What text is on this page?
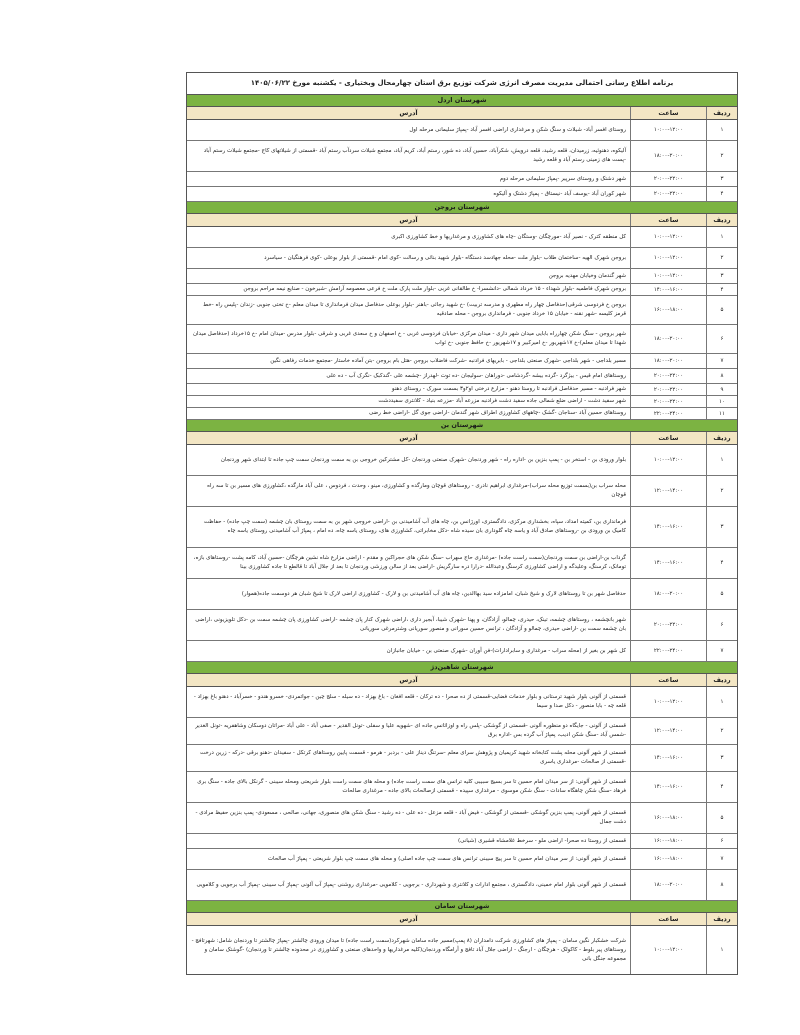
برنامه اطلاع رسانی احتمالی مدیریت مصرف انرژی شرکت توزیع برق استان چهارمحال وبختیاری - یکشنبه مورخ ۱۴۰۵/۰۶/۲۲
شهرستان اردل
ردیف
ساعت
آدرس
۱
۱۰:۰۰-۱۲:۰۰
روستای افسر آباد- شیلات و سنگ شکن و مرغداری اراضی افسر آباد -پمپاژ سلیمانی مرحله اول
۲
۱۸:۰۰-۲۰:۰۰
آلیکوه، دهنوئیه، زرمیدان، قلعه رشید، قلعه درویش، شکرآباد، حسین آباد، ده شور، رستم آباد، کریم آباد، مجتمع شیلات سردآب رستم آباد -قسمتی از شیلاتهای کاج -مجتمع شیلات رستم آباد -پست های زمینی رستم آباد و قلعه رشید
۳
۲۰:۰۰-۲۲:۰۰
شهر دشتک و روستای سرپیر -پمپاژ سلیمانی مرحله دوم
۴
۲۰:۰۰-۲۲:۰۰
شهر کوران آباد -یوسف آباد -نیستاق - پمپاژ دشتک و آلیکوه
شهرستان بروجن
ردیف
ساعت
آدرس
۱
۱۰:۰۰-۱۲:۰۰
کل منطقه کترک - نصیر آباد -مورچگان -وستگان -چاه های کشاورزی و مرغداریها و خط کشاورزی اکبری
۲
۱۰:۰۰-۱۲:۰۰
بروجن شهرک الهیه -ساختمان طلاب -بلوار ملت -محله جهادسد دستگاه -بلوار شهید بنائی و رسالت -کوی امام -قسمتی از بلوار بوعلی -کوی فرهنگیان - سیاسرد
۳
۱۰:۰۰-۱۲:۰۰
شهر گندمان وخیابان مهدیه بروجن
۴
۱۴:۰۰-۱۶:۰۰
بروجن شهرک فاطمیه -بلوار شهداء - ۱۵ خرداد شمالی -دانشسرا- خ طالقانی غربی -بلوار ملت پارک ملت خ فرعی معصومه آرامش -شیرخون - صنایع نیمه مراحم بروجن
۵
۱۶:۰۰-۱۸:۰۰
بروجن خ فردوسی شرقی(حدفاصل چهار راه مطهری و مدرسه تربیت) -خ شهید رجائی -باهنر -بلوار بوعلی حدفاصل میدان فرمانداری تا میدان معلم -خ تختی جنوبی -زندان -پلیس راه -خط قرمز کلیسه -شهر نقنه - خیابان ۱۵ خرداد جنوبی - فرمانداری بروجن - محله صادقیه
۶
۱۸:۰۰-۲۰:۰۰
شهر بروجن - سنگ شکن چهارراه بابایی میدان شهر داری - میدان مرکزی -خیابان فردوسی غربی - خ اصفهان و خ سعدی غربی و شرقی -بلوار مدرس -میدان امام -خ ۱۵خرداد (حدفاصل میدان شهدا تا میدان معلم)-خ ۱۷شهریور -خ امیرکبیر و ۱۷شهریور -خ حافظ جنوبی -خ ثواب
۷
۱۸:۰۰-۲۰:۰۰
مسیر بلداجی - شهر بلداجی -شهرک صنعتی بلداجی - بابریهای فرادنبه -شرکت فاضلاب بروجن -هتل بام بروجن -بتن آماده خاستار -مجتمع خدمات رفاهی نگین
۸
۲۰:۰۰-۲۲:۰۰
روستاهای امام قیس - بیژگرد -گرده بیشه -گردشامی -دوراهان -سولیجان -ده توت -لهدراز -چشمه علی -گندکبک -نگرک آب - ده علی
۹
۲۰:۰۰-۲۲:۰۰
شهر فرادنبه - مسیر حدفاصل فرادنبه تا روستا دهنو - مزارع درختی او۲و۳ بسمت سورک - روستای دهنو
۱۰
۲۰:۰۰-۲۲:۰۰
شهر سفید دشت - اراضی ضلع شمالی جاده سفید دشت فرادنبه مزرعه آباد -مزرعه بنیاد - کلانتری سفیددشت
۱۱
۲۲:۰۰-۲۴:۰۰
روستاهای حسین آباد -سناجان -گشک -چاههای کشاورزی اطراف شهر گندمان -اراضی جوی گل -اراضی خط رضی
شهرستان بن
ردیف
ساعت
آدرس
۱
۱۰:۰۰-۱۲:۰۰
بلوار ورودی بن - استخر بن - پمپ بنزین بن -اداره راه - شهر وردنجان -شهرک صنعتی وردنجان -کل مشترکین خروجی بن به سمت وردنجان سمت چپ جاده تا ابتدای شهر وردنجان
۲
۱۲:۰۰-۱۴:۰۰
محله سراب بن(بسمت توزیع محله سراب)-مرغداری ابراهیم نادری - روستاهای قوچان ومارگده و کشاورزی، مینو ، وحدت ، فردوس ، علی آباد مارگده ،کشاورزی های مسیر بن تا سه راه قوچان
۳
۱۴:۰۰-۱۶:۰۰
فرمانداری بن، کمیته امداد، سپاه، بخشداری مرکزی، دادگستری، اورژانس بن، چاه های آب آشامیدنی بن -اراضی خروجی شهر بن به سمت روستای بان چشمه (سمت چپ جاده) - حفاظت کامیک بن ورودی بن -روستاهای صادق آباد و یاسه چاه گلوداری بان سیده شاه -دکل مخابراتی، کشاورزی های، روستای یاسه چاه، ده امام ، پمپاژ آب آشامیدنی روستای یاسه چاه
۴
۱۴:۰۰-۱۶:۰۰
گرداب بن-اراضی بن سمت وردنجان(سمت راست جاده) -مرغداری حاج سهراب -سنگ شکن های حجراکبن و مقدم - اراضی مزارع شاه نشین هرچگان -حسین آباد، کامه پشت -روستاهای بازه، تومانک، کرسنگ، وعلیدگه و اراضی کشاورزی کرسنگ وعبدالله -درارا دره سارگریش -اراضی بعد از سالن ورزشی وردنجان تا بعد از جلال آباد تا قالطع تا جاده کشاورزی بینا
۵
۱۸:۰۰-۲۰:۰۰
حدفاصل شهر بن تا روستاهای لارک و شیخ شبان، امامزاده سید بهاالدین، چاه های آب آشامیدنی بن و لارک - کشاورزی اراضی لارک تا شیخ شبان هر دوسمت جاده(هموار)
۶
۲۰:۰۰-۲۲:۰۰
شهر بانچشمه ، روستاهای چشمه، تینک، حیدری، چمالو، آزادگان، و پهنا -شهرک شیبا، آبجیر داری ،اراضی شهرک کنار پان چشمه -اراضی کشاورزی پان چشمه سمت بن -دکل تلویزیونی ،اراضی بان چشمه سمت بن -اراضی حیدری، چمالو و آزادگان ، ترانس حسین سورانی و منصور سوریانی وشترمرغی سوریانی
۷
۲۲:۰۰-۲۴:۰۰
کل شهر بن بغیر از (محله سراب - مرغداری و سابرادارات)-فن آوران -شهرک صنعتی بن - خیابان جانبازان
شهرستان شاهین‌دژ
ردیف
ساعت
آدرس
۱
۱۰:۰۰-۱۲:۰۰
قسمتی از آلونی بلوار شهید ترستانی و بلوار خدمات فضایی-قسمتی از ده صحرا - ده ترکان - قلعه افغان - باغ بهزاد - ده سیله - سلج چین - جواتمردی- خسرو هندو - خسرآباد - دهنو باغ بهزاد - قلعه چه - بابا منصور - دکل صدا و سیما
۲
۱۲:۰۰-۱۴:۰۰
قسمتی از آلونی - جایگاه دو منظوره آلونی -قسمتی از گوشکی -پلس راه و اوزائانس جاده ای -شهویه علیا و سفلی -تونل القدیر - صفی آباد - علی آباد -مراتان دوسکان وشاهفریه -تونل الغدیر -شمس آباد -سنگ شکن ادیب، پمپاژ آب گرده بس -اداره برق
۳
۱۴:۰۰-۱۶:۰۰
قسمتی از شهر آلونی محله پشت کتابخانه شهید کریمیان و پژوهش سرای معلم -سرتنگ دیناز علی - بردبر - هرمو - قسمت پایین روستاهای کرتکل - سفیدان -دهنو برقی -درکه - زرین درخت -قسمتی از صالحات -مرغداری یاسری
۴
۱۴:۰۰-۱۶:۰۰
قسمتی از شهر آلونی: از سر میدان امام حسین تا سر بسیج سبیبی کلیه ترانس های سمت راست جاده) و محله های سمت راست بلوار شریعتی ومحله سیبنی - گرنکل بالای جاده - سنگ بری فرهاد -سنگ شکن چاهگاه سادات - سنگ شکن موسوی - مرغداری سپیده - قسمتی ازصالحات بالای جاده - مرغداری صالحات
۵
۱۶:۰۰-۱۸:۰۰
قسمتی از شهر آلونی، پمپ بنزین گوشکی -قسمتی از گوشکی - فیض آباد - قلعه مزعل - ده علی - ده رشید - سنگ شکن های منصوری، جهانی، صالحی ، مسعودی- پمپ بنزین حفیظ مرادی - دشت جمال
۶
۱۶:۰۰-۱۸:۰۰
قسمتی از روستا ده صحرا- اراضی ملو - سرخط غلامشاه قشیری (شیانی)
۷
۱۶:۰۰-۱۸:۰۰
قسمتی از شهر آلونی: از سر میدان امام حسین تا سر پیج سیبنی ترانس های سمت چپ جاده اصلی) و محله های سمت چپ بلوار شریعتی - پمپاژ آب صالحات
۸
۱۸:۰۰-۲۰:۰۰
قسمتی از شهر آلونی بلوار امام خمینی، دادگستری ، مجتمع ادارات و کلانتری و شهرداری - برجویی - کلامویی -مرغداری روشنی -پمپاژ آب آلونی -پمپاژ آب سیبنی -پمپاژ آب برجویی و کلامویی
شهرستان سامان
ردیف
ساعت
آدرس
۱
۱۰:۰۰-۱۲:۰۰
شرکت خشکبار نگین سامان - پمپاژ های کشاورزی شرکت دامداران (۸ پمپ)مسیر جاده سامان شهرکرد(سمت راست جاده) تا میدان ورودی چالشتر -پمپاژ چالشتر تا وردنجان شامل: شهرتافچ - روستاهای پیر بلوط - کاکولک - هرچگان - ارجنگ - اراضی جلال آباد تافچ و آرامگاه وردنجان(کلیه مرغداریها و واحدهای صنعتی و کشاورزی در محدوده چالشتر تا وردنجان) -گوشتک سامان و مجموعه جنگل بانی
